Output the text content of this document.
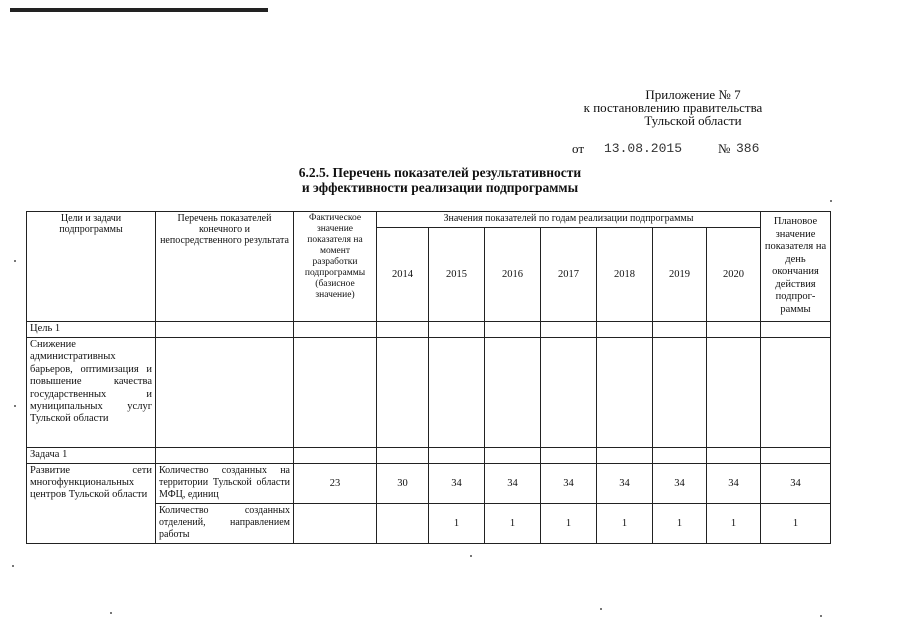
Приложение № 7
к постановлению правительства
Тульской области
от 13.08.2015	№ 386
6.2.5. Перечень показателей результативности
и эффективности реализации подпрограммы
Цели и задачи подпрограммы	Перечень показателей конечного и непосредственного результата	Фактическое значение показателя на момент разработки подпрограммы (базисное значение)	Значения показателей по годам реализации подпрограммы							Плановое значение показателя на день окончания действия подпрог-раммы
			2014	2015	2016	2017	2018	2019	2020	
Цель 1										
Снижение административных барьеров, оптимизация и повышение качества государственных и муниципальных услуг Тульской области										
Задача 1										
Развитие сети многофункциональных центров Тульской области	Количество созданных на территории Тульской области МФЦ, единиц	23	30	34	34	34	34	34	34	34
	Количество созданных отделений, направлением работы			1	1	1	1	1	1	1
